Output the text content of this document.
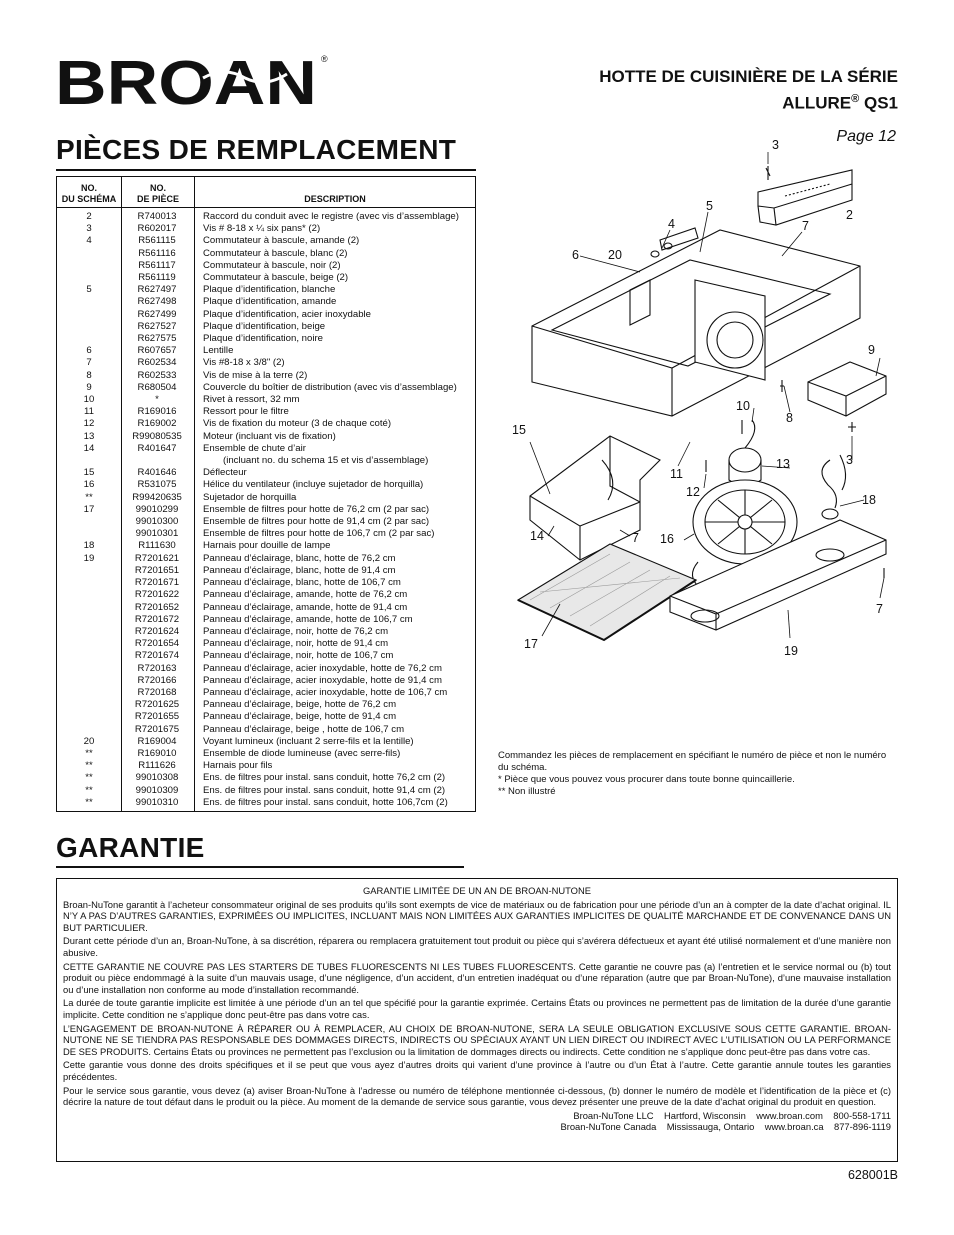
BROAN ®
HOTTE DE CUISINIÈRE DE LA SÉRIE
ALLURE® QS1
PIÈCES DE REMPLACEMENT	Page 12
NO.
DU SCHÉMA
NO.
DE PIÈCE	DESCRIPTION
2	R740013	Raccord du conduit avec le registre (avec vis d’assemblage)
3	R602017	Vis # 8-18 x ¼ six pans* (2)
4	R561115	Commutateur à bascule, amande (2)
R561116	Commutateur à bascule, blanc (2)
R561117	Commutateur à bascule, noir (2)
R561119	Commutateur à bascule, beige (2)
5	R627497	Plaque d’identification, blanche
R627498	Plaque d’identification, amande
R627499	Plaque d’identification, acier inoxydable
R627527	Plaque d’identification, beige
R627575	Plaque d’identification, noire
6	R607657	Lentille
7	R602534	Vis #8-18 x 3/8" (2)
8	R602533	Vis de mise à la terre (2)
9	R680504	Couvercle du boîtier de distribution (avec vis d’assemblage)
10	*	Rivet à ressort, 32 mm
11	R169016	Ressort pour le filtre
12	R169002	Vis de fixation du moteur (3 de chaque coté)
13	R99080535	Moteur (incluant vis de fixation)
14	R401647	Ensemble de chute d’air
(incluant no. du schema 15 et vis d’assemblage)
15	R401646	Déflecteur
16	R531075	Hélice du ventilateur (incluye sujetador de horquilla)
**	R99420635	Sujetador de horquilla
17	99010299	Ensemble de filtres pour hotte de 76,2 cm (2 par sac)
99010300	Ensemble de filtres pour hotte de 91,4 cm (2 par sac)
99010301	Ensemble de filtres pour hotte de 106,7 cm (2 par sac)
18	R111630	Harnais pour douille de lampe
19	R7201621	Panneau d’éclairage, blanc, hotte de 76,2 cm
R7201651	Panneau d’éclairage, blanc, hotte de 91,4 cm
R7201671	Panneau d’éclairage, blanc, hotte de 106,7 cm
R7201622	Panneau d’éclairage, amande, hotte de 76,2 cm
R7201652	Panneau d’éclairage, amande, hotte de 91,4 cm
R7201672	Panneau d’éclairage, amande, hotte de 106,7 cm
R7201624	Panneau d’éclairage, noir, hotte de 76,2 cm
R7201654	Panneau d’éclairage, noir, hotte de 91,4 cm
R7201674	Panneau d’éclairage, noir, hotte de 106,7 cm
R720163	Panneau d’éclairage, acier inoxydable, hotte de 76,2 cm
R720166	Panneau d’éclairage, acier inoxydable, hotte de 91,4 cm
R720168	Panneau d’éclairage, acier inoxydable, hotte de 106,7 cm
R7201625	Panneau d’éclairage, beige, hotte de 76,2 cm
R7201655	Panneau d’éclairage, beige, hotte de 91,4 cm
R7201675	Panneau d’éclairage, beige , hotte de 106,7 cm
20	R169004	Voyant lumineux (incluant 2 serre-fils et la lentille)
**	R169010	Ensemble de diode lumineuse (avec serre-fils)
**	R111626	Harnais pour fils
**	99010308	Ens. de filtres pour instal. sans conduit, hotte 76,2 cm (2)
**	99010309	Ens. de filtres pour instal. sans conduit, hotte 91,4 cm (2)
**	99010310	Ens. de filtres pour instal. sans conduit, hotte 106,7cm (2)
3
2
5
4	7
6 20
9
10
8
15
3
11
13
12
18
14	7 16
7
17	19
Commandez les pièces de remplacement en spécifiant le numéro de pièce et non le numéro du schéma.
* Pièce que vous pouvez vous procurer dans toute bonne quincaillerie.
** Non illustré
GARANTIE
GARANTIE LIMITÉE DE UN AN DE BROAN-NUTONE

Broan-NuTone garantit à l’acheteur consommateur original de ses produits qu’ils sont exempts de vice de matériaux ou de fabrication pour une période d’un an à compter de la date d’achat original. IL N’Y A PAS D’AUTRES GARANTIES, EXPRIMÉES OU IMPLICITES, INCLUANT MAIS NON LIMITÉES AUX GARANTIES IMPLICITES DE QUALITÉ MARCHANDE ET DE CONVENANCE DANS UN BUT PARTICULIER.

Durant cette période d’un an, Broan-NuTone, à sa discrétion, réparera ou remplacera gratuitement tout produit ou pièce qui s’avérera défectueux et ayant été utilisé normalement et d’une manière non abusive.

CETTE GARANTIE NE COUVRE PAS LES STARTERS DE TUBES FLUORESCENTS NI LES TUBES FLUORESCENTS. Cette garantie ne couvre pas (a) l’entretien et le service normal ou (b) tout produit ou pièce endommagé à la suite d’un mauvais usage, d’une négligence, d’un accident, d’un entretien inadéquat ou d’une réparation (autre que par Broan-NuTone), d’une mauvaise installation ou d’une installation non conforme au mode d’installation recommandé.

La durée de toute garantie implicite est limitée à une période d’un an tel que spécifié pour la garantie exprimée. Certains États ou provinces ne permettent pas de limitation de la durée d’une garantie implicite. Cette condition ne s’applique donc peut-être pas dans votre cas.

L’ENGAGEMENT DE BROAN-NUTONE À RÉPARER OU À REMPLACER, AU CHOIX DE BROAN-NUTONE, SERA LA SEULE OBLIGATION EXCLUSIVE SOUS CETTE GARANTIE. BROAN-NUTONE NE SE TIENDRA PAS RESPONSABLE DES DOMMAGES DIRECTS, INDIRECTS OU SPÉCIAUX AYANT UN LIEN DIRECT OU INDIRECT AVEC L’UTILISATION OU LA PERFORMANCE DE SES PRODUITS. Certains États ou provinces ne permettent pas l’exclusion ou la limitation de dommages directs ou indirects. Cette condition ne s’applique donc peut-être pas dans votre cas.

Cette garantie vous donne des droits spécifiques et il se peut que vous ayez d’autres droits qui varient d’une province à l’autre ou d’un État à l’autre. Cette garantie annule toutes les garanties précédentes.

Pour le service sous garantie, vous devez (a) aviser Broan-NuTone à l’adresse ou numéro de téléphone mentionnée ci-dessous, (b) donner le numéro de modèle et l’identification de la pièce et (c) décrire la nature de tout défaut dans le produit ou la pièce. Au moment de la demande de service sous garantie, vous devez présenter une preuve de la date d’achat original du produit en question.

Broan-NuTone LLC    Hartford, Wisconsin    www.broan.com    800-558-1711
Broan-NuTone Canada    Mississauga, Ontario    www.broan.ca    877-896-1119
628001B
